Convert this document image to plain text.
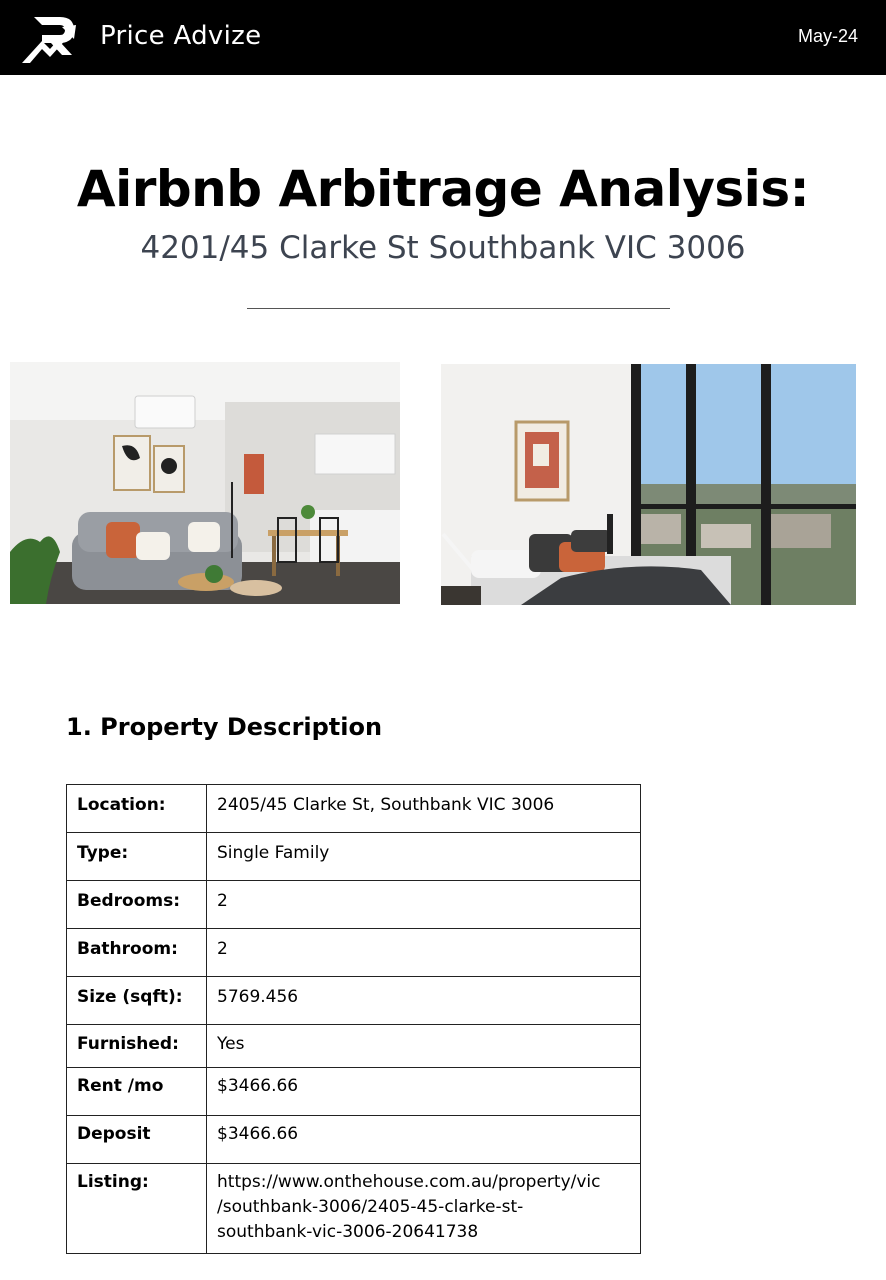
Price Advize	May-24
Airbnb Arbitrage Analysis:
4201/45 Clarke St Southbank VIC 3006
1. Property Description
Location:	2405/45 Clarke St, Southbank VIC 3006
Type:	Single Family
Bedrooms:	2
Bathroom:	2
Size (sqft):	5769.456
Furnished:	Yes
Rent /mo	$3466.66
Deposit	$3466.66
Listing:	https://www.onthehouse.com.au/property/vic
/southbank-3006/2405-45-clarke-st-
southbank-vic-3006-20641738
